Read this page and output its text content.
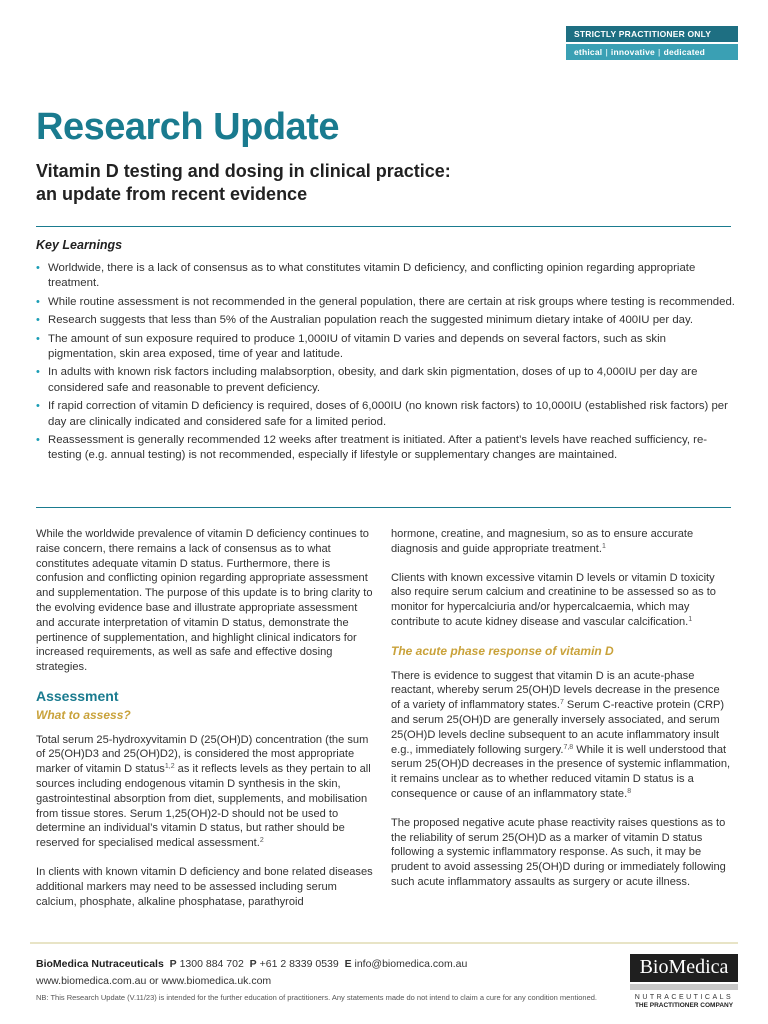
STRICTLY PRACTITIONER ONLY
ethical | innovative | dedicated
Research Update
Vitamin D testing and dosing in clinical practice:
an update from recent evidence
Key Learnings
• Worldwide, there is a lack of consensus as to what constitutes vitamin D deficiency, and conflicting opinion regarding appropriate treatment.
• While routine assessment is not recommended in the general population, there are certain at risk groups where testing is recommended.
• Research suggests that less than 5% of the Australian population reach the suggested minimum dietary intake of 400IU per day.
• The amount of sun exposure required to produce 1,000IU of vitamin D varies and depends on several factors, such as skin pigmentation, skin area exposed, time of year and latitude.
• In adults with known risk factors including malabsorption, obesity, and dark skin pigmentation, doses of up to 4,000IU per day are considered safe and reasonable to prevent deficiency.
• If rapid correction of vitamin D deficiency is required, doses of 6,000IU (no known risk factors) to 10,000IU (established risk factors) per day are clinically indicated and considered safe for a limited period.
• Reassessment is generally recommended 12 weeks after treatment is initiated. After a patient’s levels have reached sufficiency, re-testing (e.g. annual testing) is not recommended, especially if lifestyle or supplementary changes are maintained.

While the worldwide prevalence of vitamin D deficiency continues to raise concern, there remains a lack of consensus as to what constitutes adequate vitamin D status. Furthermore, there is confusion and conflicting opinion regarding appropriate assessment and supplementation. The purpose of this update is to bring clarity to the evolving evidence base and illustrate appropriate assessment and accurate interpretation of vitamin D status, demonstrate the pertinence of supplementation, and highlight clinical indicators for increased requirements, as well as safe and effective dosing strategies.

Assessment
What to assess?

Total serum 25-hydroxyvitamin D (25(OH)D) concentration (the sum of 25(OH)D3 and 25(OH)D2), is considered the most appropriate marker of vitamin D status$^{1,2}$ as it reflects levels as they pertain to all sources including endogenous vitamin D synthesis in the skin, gastrointestinal absorption from diet, supplements, and mobilisation from tissue stores. Serum 1,25(OH)2-D should not be used to determine an individual’s vitamin D status, but rather should be reserved for specialised medical assessment.$^2$

In clients with known vitamin D deficiency and bone related diseases additional markers may need to be assessed including serum calcium, phosphate, alkaline phosphatase, parathyroid

hormone, creatine, and magnesium, so as to ensure accurate diagnosis and guide appropriate treatment.$^1$

Clients with known excessive vitamin D levels or vitamin D toxicity also require serum calcium and creatinine to be assessed so as to monitor for hypercalciuria and/or hypercalcaemia, which may contribute to acute kidney disease and vascular calcification.$^1$

The acute phase response of vitamin D

There is evidence to suggest that vitamin D is an acute-phase reactant, whereby serum 25(OH)D levels decrease in the presence of a variety of inflammatory states.$^7$ Serum C-reactive protein (CRP) and serum 25(OH)D are generally inversely associated, and serum 25(OH)D levels decline subsequent to an acute inflammatory insult e.g., immediately following surgery.$^{7,8}$ While it is well understood that serum 25(OH)D decreases in the presence of systemic inflammation, it remains unclear as to whether reduced vitamin D status is a consequence or cause of an inflammatory state.$^8$

The proposed negative acute phase reactivity raises questions as to the reliability of serum 25(OH)D as a marker of vitamin D status following a systemic inflammatory response. As such, it may be prudent to avoid assessing 25(OH)D during or immediately following such acute inflammatory assaults as surgery or acute illness.

BioMedica Nutraceuticals P 1300 884 702 P +61 2 8339 0539 E info@biomedica.com.au
www.biomedica.com.au or www.biomedica.uk.com
NB: This Research Update (V.11/23) is intended for the further education of practitioners. Any statements made do not intend to claim a cure for any condition mentioned.
BioMedica
NUTRACEUTICALS
THE PRACTITIONER COMPANY
